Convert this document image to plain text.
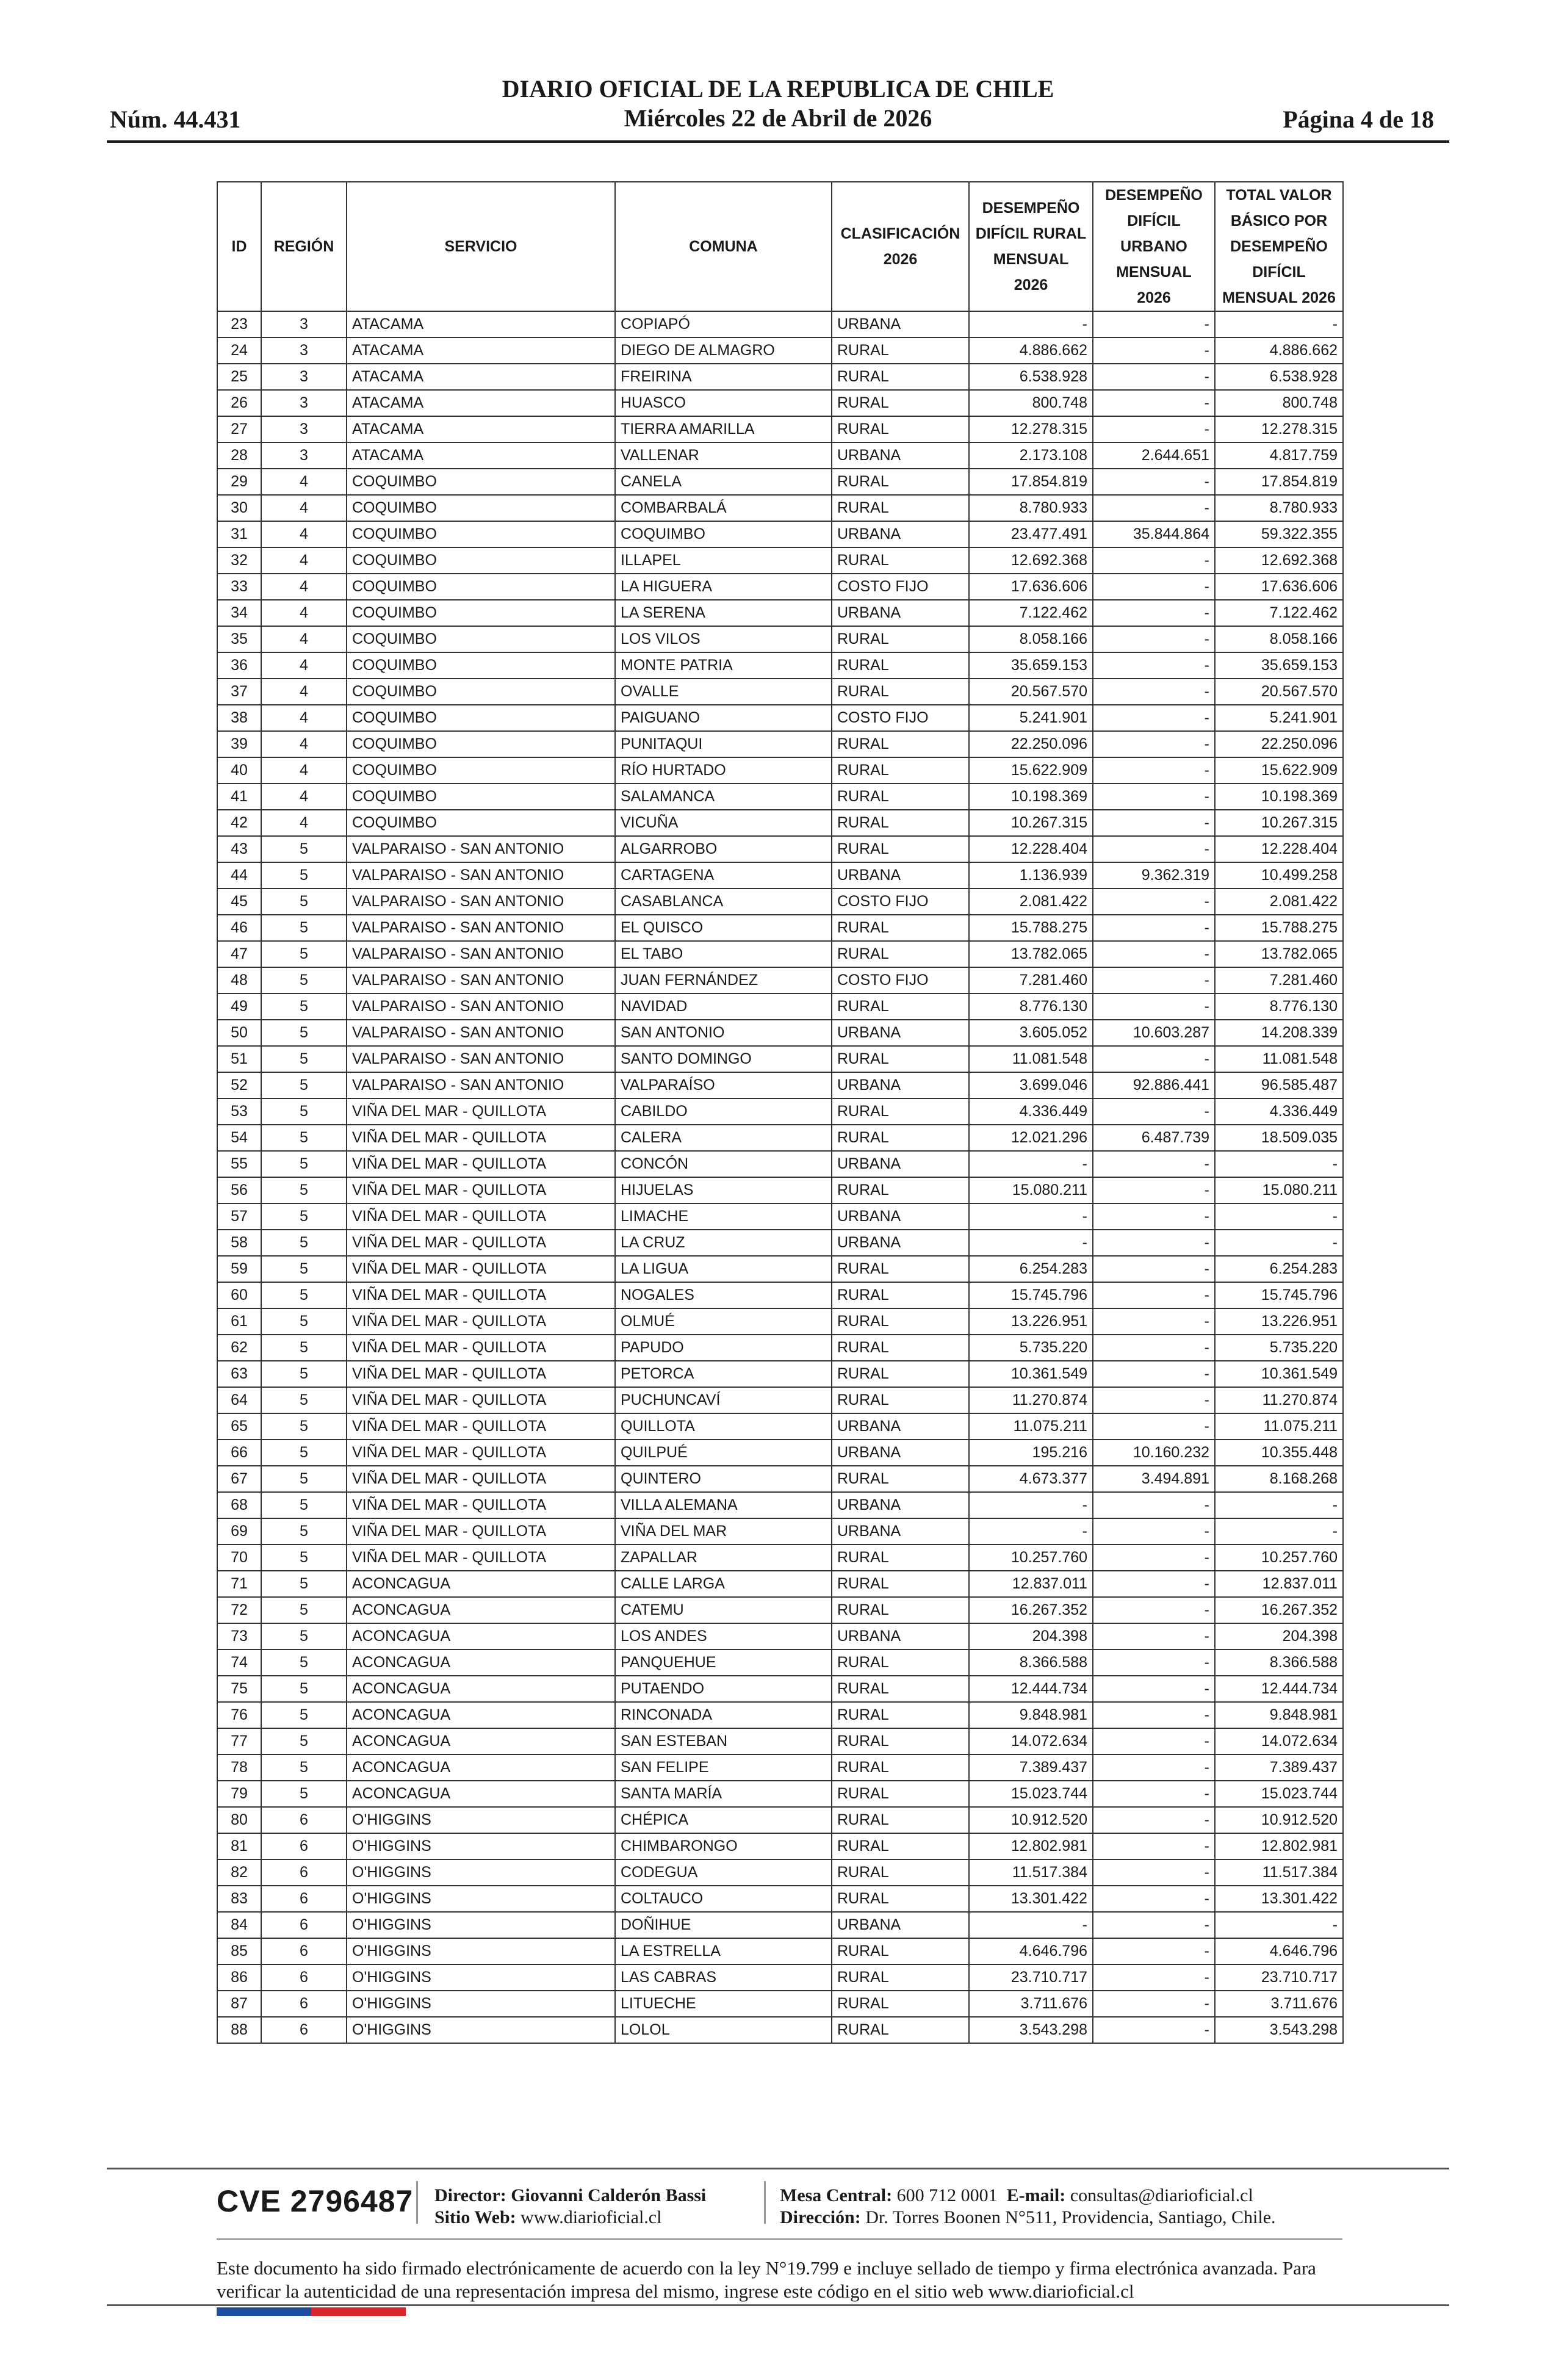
Núm. 44.431
DIARIO OFICIAL DE LA REPUBLICA DE CHILE
Miércoles 22 de Abril de 2026	Página 4 de 18
ID	REGIÓN	SERVICIO	COMUNA	CLASIFICACIÓN 2026	DESEMPEÑO DIFÍCIL RURAL MENSUAL 2026	DESEMPEÑO DIFÍCIL URBANO MENSUAL 2026	TOTAL VALOR BÁSICO POR DESEMPEÑO DIFÍCIL MENSUAL 2026
23	3	ATACAMA	COPIAPÓ	URBANA	-	-	-
24	3	ATACAMA	DIEGO DE ALMAGRO	RURAL	4.886.662	-	4.886.662
25	3	ATACAMA	FREIRINA	RURAL	6.538.928	-	6.538.928
26	3	ATACAMA	HUASCO	RURAL	800.748	-	800.748
27	3	ATACAMA	TIERRA AMARILLA	RURAL	12.278.315	-	12.278.315
28	3	ATACAMA	VALLENAR	URBANA	2.173.108	2.644.651	4.817.759
29	4	COQUIMBO	CANELA	RURAL	17.854.819	-	17.854.819
30	4	COQUIMBO	COMBARBALÁ	RURAL	8.780.933	-	8.780.933
31	4	COQUIMBO	COQUIMBO	URBANA	23.477.491	35.844.864	59.322.355
32	4	COQUIMBO	ILLAPEL	RURAL	12.692.368	-	12.692.368
33	4	COQUIMBO	LA HIGUERA	COSTO FIJO	17.636.606	-	17.636.606
34	4	COQUIMBO	LA SERENA	URBANA	7.122.462	-	7.122.462
35	4	COQUIMBO	LOS VILOS	RURAL	8.058.166	-	8.058.166
36	4	COQUIMBO	MONTE PATRIA	RURAL	35.659.153	-	35.659.153
37	4	COQUIMBO	OVALLE	RURAL	20.567.570	-	20.567.570
38	4	COQUIMBO	PAIGUANO	COSTO FIJO	5.241.901	-	5.241.901
39	4	COQUIMBO	PUNITAQUI	RURAL	22.250.096	-	22.250.096
40	4	COQUIMBO	RÍO HURTADO	RURAL	15.622.909	-	15.622.909
41	4	COQUIMBO	SALAMANCA	RURAL	10.198.369	-	10.198.369
42	4	COQUIMBO	VICUÑA	RURAL	10.267.315	-	10.267.315
43	5	VALPARAISO - SAN ANTONIO	ALGARROBO	RURAL	12.228.404	-	12.228.404
44	5	VALPARAISO - SAN ANTONIO	CARTAGENA	URBANA	1.136.939	9.362.319	10.499.258
45	5	VALPARAISO - SAN ANTONIO	CASABLANCA	COSTO FIJO	2.081.422	-	2.081.422
46	5	VALPARAISO - SAN ANTONIO	EL QUISCO	RURAL	15.788.275	-	15.788.275
47	5	VALPARAISO - SAN ANTONIO	EL TABO	RURAL	13.782.065	-	13.782.065
48	5	VALPARAISO - SAN ANTONIO	JUAN FERNÁNDEZ	COSTO FIJO	7.281.460	-	7.281.460
49	5	VALPARAISO - SAN ANTONIO	NAVIDAD	RURAL	8.776.130	-	8.776.130
50	5	VALPARAISO - SAN ANTONIO	SAN ANTONIO	URBANA	3.605.052	10.603.287	14.208.339
51	5	VALPARAISO - SAN ANTONIO	SANTO DOMINGO	RURAL	11.081.548	-	11.081.548
52	5	VALPARAISO - SAN ANTONIO	VALPARAÍSO	URBANA	3.699.046	92.886.441	96.585.487
53	5	VIÑA DEL MAR - QUILLOTA	CABILDO	RURAL	4.336.449	-	4.336.449
54	5	VIÑA DEL MAR - QUILLOTA	CALERA	RURAL	12.021.296	6.487.739	18.509.035
55	5	VIÑA DEL MAR - QUILLOTA	CONCÓN	URBANA	-	-	-
56	5	VIÑA DEL MAR - QUILLOTA	HIJUELAS	RURAL	15.080.211	-	15.080.211
57	5	VIÑA DEL MAR - QUILLOTA	LIMACHE	URBANA	-	-	-
58	5	VIÑA DEL MAR - QUILLOTA	LA CRUZ	URBANA	-	-	-
59	5	VIÑA DEL MAR - QUILLOTA	LA LIGUA	RURAL	6.254.283	-	6.254.283
60	5	VIÑA DEL MAR - QUILLOTA	NOGALES	RURAL	15.745.796	-	15.745.796
61	5	VIÑA DEL MAR - QUILLOTA	OLMUÉ	RURAL	13.226.951	-	13.226.951
62	5	VIÑA DEL MAR - QUILLOTA	PAPUDO	RURAL	5.735.220	-	5.735.220
63	5	VIÑA DEL MAR - QUILLOTA	PETORCA	RURAL	10.361.549	-	10.361.549
64	5	VIÑA DEL MAR - QUILLOTA	PUCHUNCAVÍ	RURAL	11.270.874	-	11.270.874
65	5	VIÑA DEL MAR - QUILLOTA	QUILLOTA	URBANA	11.075.211	-	11.075.211
66	5	VIÑA DEL MAR - QUILLOTA	QUILPUÉ	URBANA	195.216	10.160.232	10.355.448
67	5	VIÑA DEL MAR - QUILLOTA	QUINTERO	RURAL	4.673.377	3.494.891	8.168.268
68	5	VIÑA DEL MAR - QUILLOTA	VILLA ALEMANA	URBANA	-	-	-
69	5	VIÑA DEL MAR - QUILLOTA	VIÑA DEL MAR	URBANA	-	-	-
70	5	VIÑA DEL MAR - QUILLOTA	ZAPALLAR	RURAL	10.257.760	-	10.257.760
71	5	ACONCAGUA	CALLE LARGA	RURAL	12.837.011	-	12.837.011
72	5	ACONCAGUA	CATEMU	RURAL	16.267.352	-	16.267.352
73	5	ACONCAGUA	LOS ANDES	URBANA	204.398	-	204.398
74	5	ACONCAGUA	PANQUEHUE	RURAL	8.366.588	-	8.366.588
75	5	ACONCAGUA	PUTAENDO	RURAL	12.444.734	-	12.444.734
76	5	ACONCAGUA	RINCONADA	RURAL	9.848.981	-	9.848.981
77	5	ACONCAGUA	SAN ESTEBAN	RURAL	14.072.634	-	14.072.634
78	5	ACONCAGUA	SAN FELIPE	RURAL	7.389.437	-	7.389.437
79	5	ACONCAGUA	SANTA MARÍA	RURAL	15.023.744	-	15.023.744
80	6	O'HIGGINS	CHÉPICA	RURAL	10.912.520	-	10.912.520
81	6	O'HIGGINS	CHIMBARONGO	RURAL	12.802.981	-	12.802.981
82	6	O'HIGGINS	CODEGUA	RURAL	11.517.384	-	11.517.384
83	6	O'HIGGINS	COLTAUCO	RURAL	13.301.422	-	13.301.422
84	6	O'HIGGINS	DOÑIHUE	URBANA	-	-	-
85	6	O'HIGGINS	LA ESTRELLA	RURAL	4.646.796	-	4.646.796
86	6	O'HIGGINS	LAS CABRAS	RURAL	23.710.717	-	23.710.717
87	6	O'HIGGINS	LITUECHE	RURAL	3.711.676	-	3.711.676
88	6	O'HIGGINS	LOLOL	RURAL	3.543.298	-	3.543.298
CVE 2796487 Director: Giovanni Calderón Bassi
Sitio Web: www.diarioficial.cl
Mesa Central: 600 712 0001 E-mail: consultas@diarioficial.cl
Dirección: Dr. Torres Boonen N°511, Providencia, Santiago, Chile.
Este documento ha sido firmado electrónicamente de acuerdo con la ley N°19.799 e incluye sellado de tiempo y firma electrónica avanzada. Para verificar la autenticidad de una representación impresa del mismo, ingrese este código en el sitio web www.diarioficial.cl
